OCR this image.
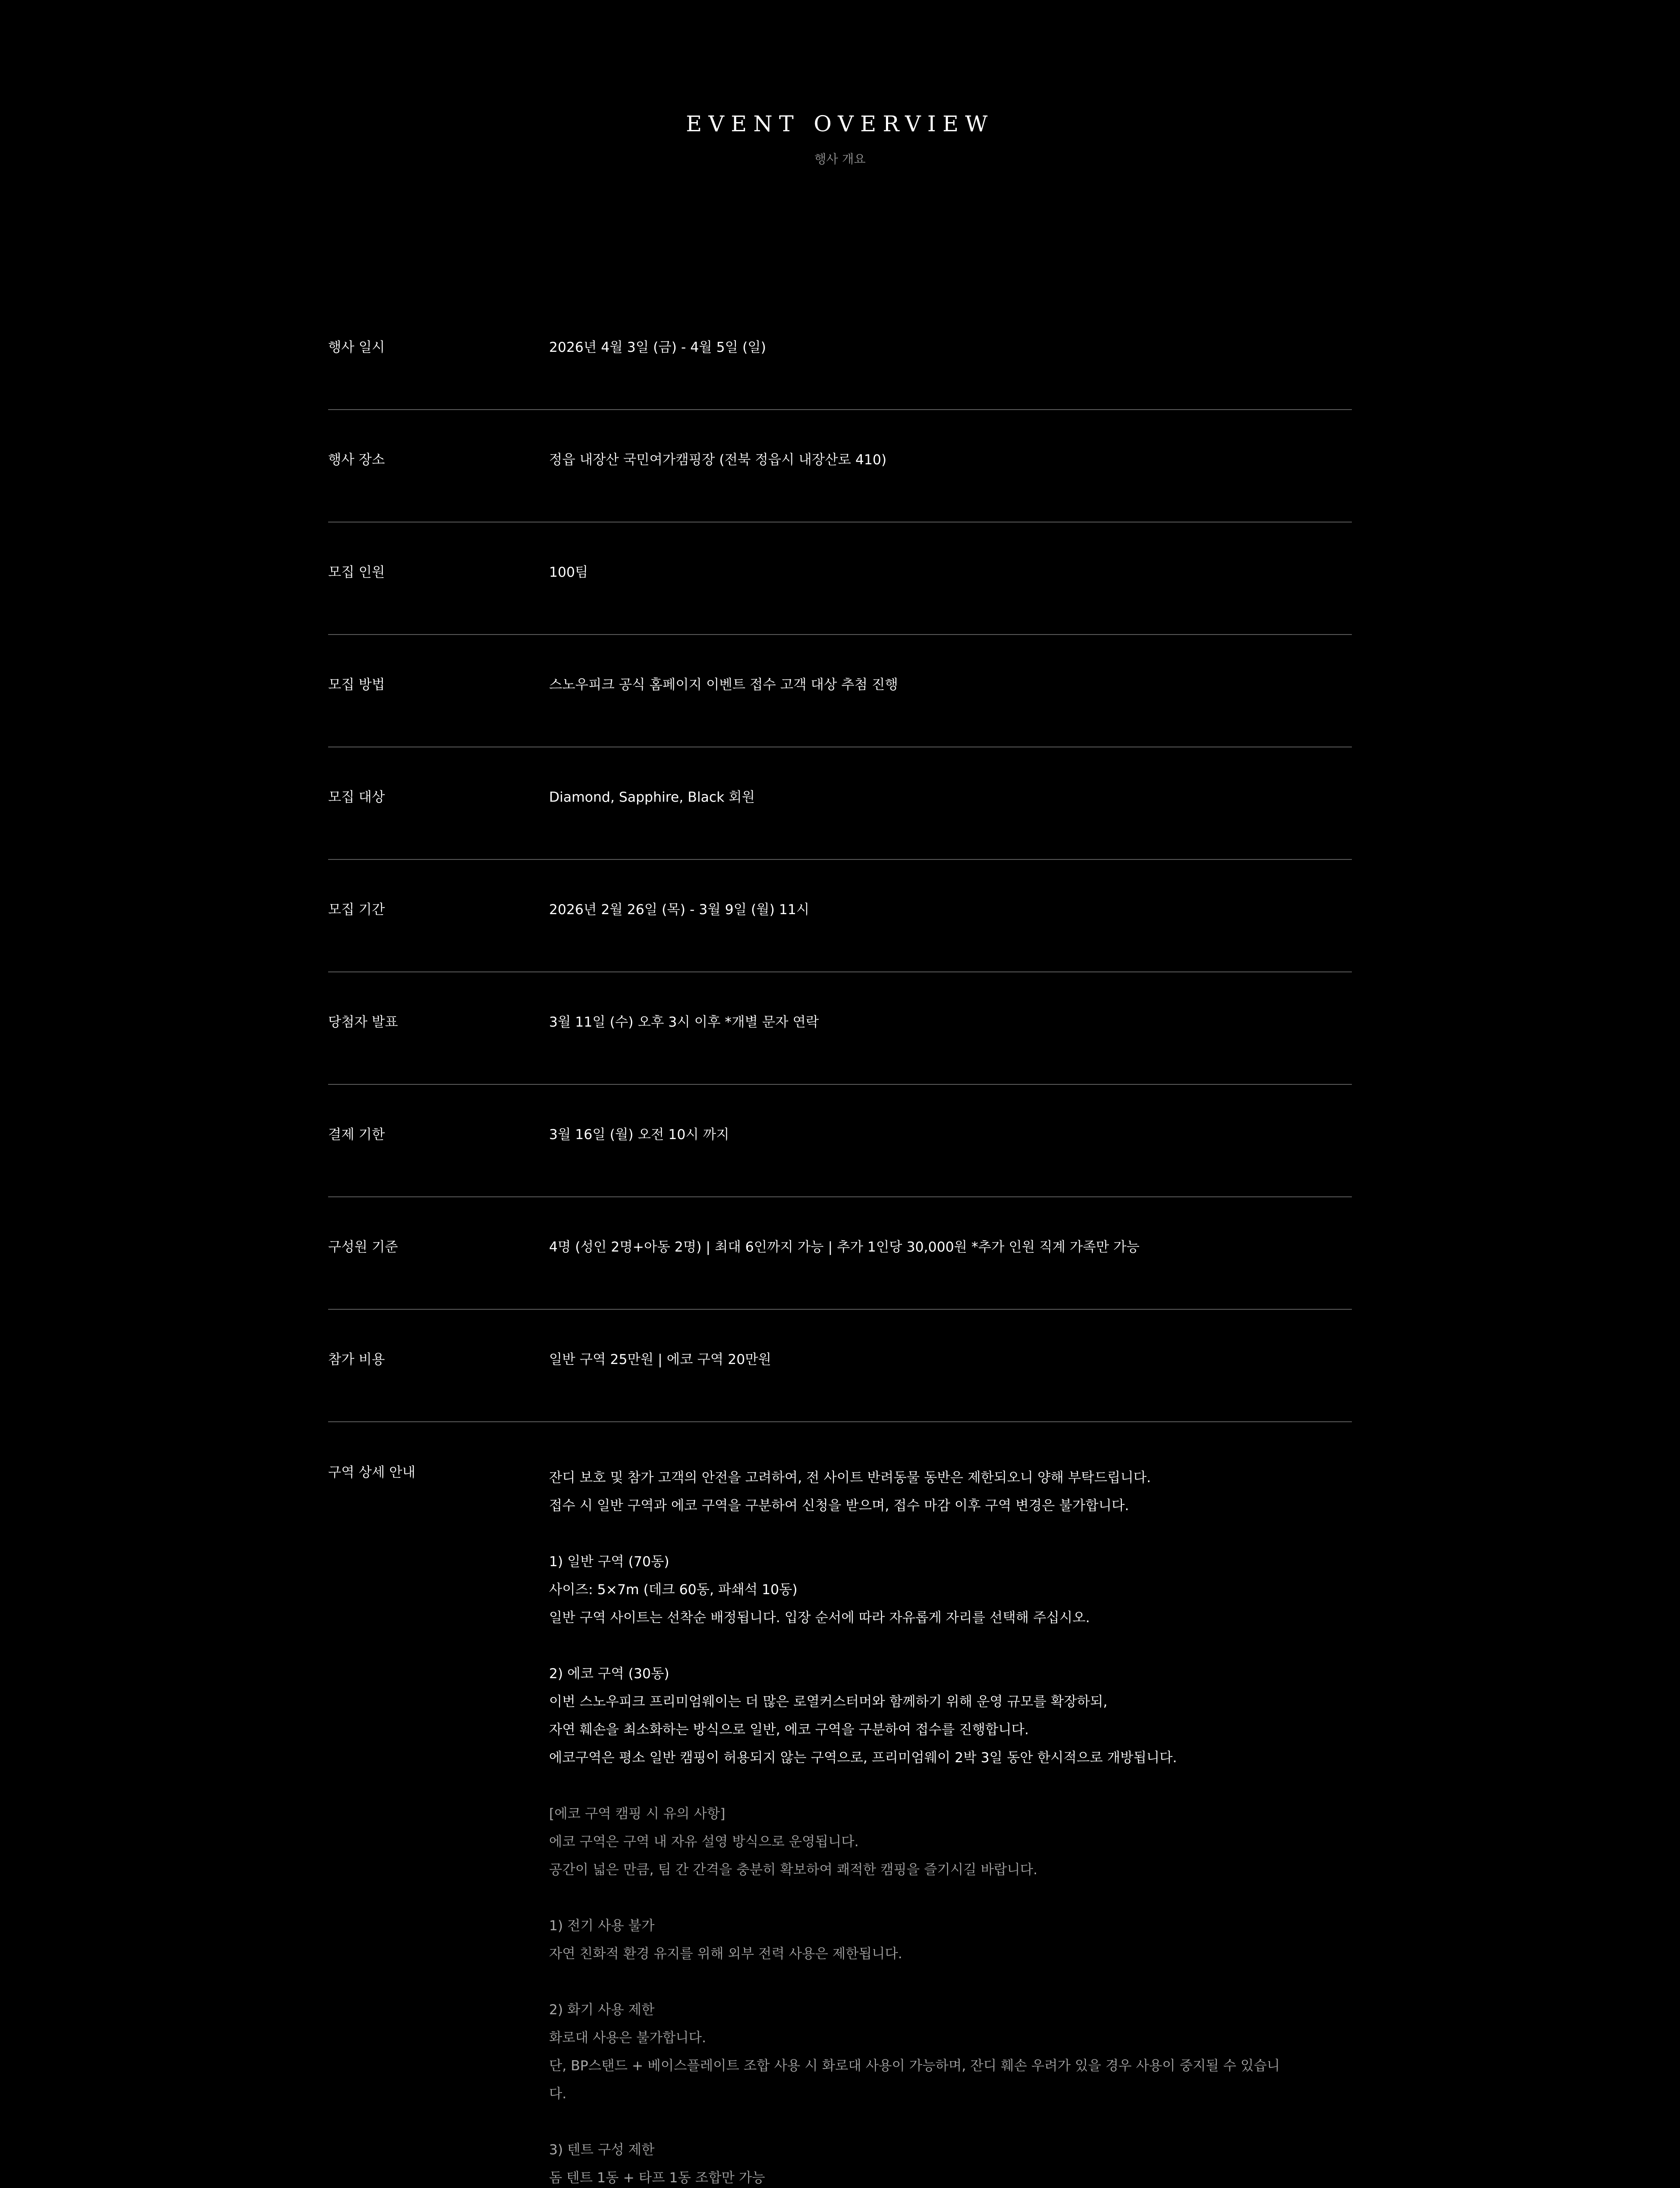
EVENT OVERVIEW
행사 개요
행사 일시	2026년 4월 3일 (금) - 4월 5일 (일)
행사 장소	정읍 내장산 국민여가캠핑장 (전북 정읍시 내장산로 410)
모집 인원	100팀
모집 방법	스노우피크 공식 홈페이지 이벤트 접수 고객 대상 추첨 진행
모집 대상	Diamond, Sapphire, Black 회원
모집 기간	2026년 2월 26일 (목) - 3월 9일 (월) 11시
당첨자 발표	3월 11일 (수) 오후 3시 이후 *개별 문자 연락
결제 기한	3월 16일 (월) 오전 10시 까지
구성원 기준	4명 (성인 2명+아동 2명) | 최대 6인까지 가능 | 추가 1인당 30,000원 *추가 인원 직계 가족만 가능
참가 비용	일반 구역 25만원 | 에코 구역 20만원
구역 상세 안내	잔디 보호 및 참가 고객의 안전을 고려하여, 전 사이트 반려동물 동반은 제한되오니 양해 부탁드립니다.
접수 시 일반 구역과 에코 구역을 구분하여 신청을 받으며, 접수 마감 이후 구역 변경은 불가합니다.
1) 일반 구역 (70동)
사이즈: 5×7m (데크 60동, 파쇄석 10동)
일반 구역 사이트는 선착순 배정됩니다. 입장 순서에 따라 자유롭게 자리를 선택해 주십시오.
2) 에코 구역 (30동)
이번 스노우피크 프리미엄웨이는 더 많은 로열커스터머와 함께하기 위해 운영 규모를 확장하되,
자연 훼손을 최소화하는 방식으로 일반, 에코 구역을 구분하여 접수를 진행합니다.
에코구역은 평소 일반 캠핑이 허용되지 않는 구역으로, 프리미엄웨이 2박 3일 동안 한시적으로 개방됩니다.
[에코 구역 캠핑 시 유의 사항]
에코 구역은 구역 내 자유 설영 방식으로 운영됩니다.
공간이 넓은 만큼, 팀 간 간격을 충분히 확보하여 쾌적한 캠핑을 즐기시길 바랍니다.
1) 전기 사용 불가
자연 친화적 환경 유지를 위해 외부 전력 사용은 제한됩니다.
2) 화기 사용 제한
화로대 사용은 불가합니다.
단, BP스탠드 + 베이스플레이트 조합 사용 시 화로대 사용이 가능하며, 잔디 훼손 우려가 있을 경우 사용이 중지될 수 있습니
다.
3) 텐트 구성 제한
돔 텐트 1동 + 타프 1동 조합만 가능
